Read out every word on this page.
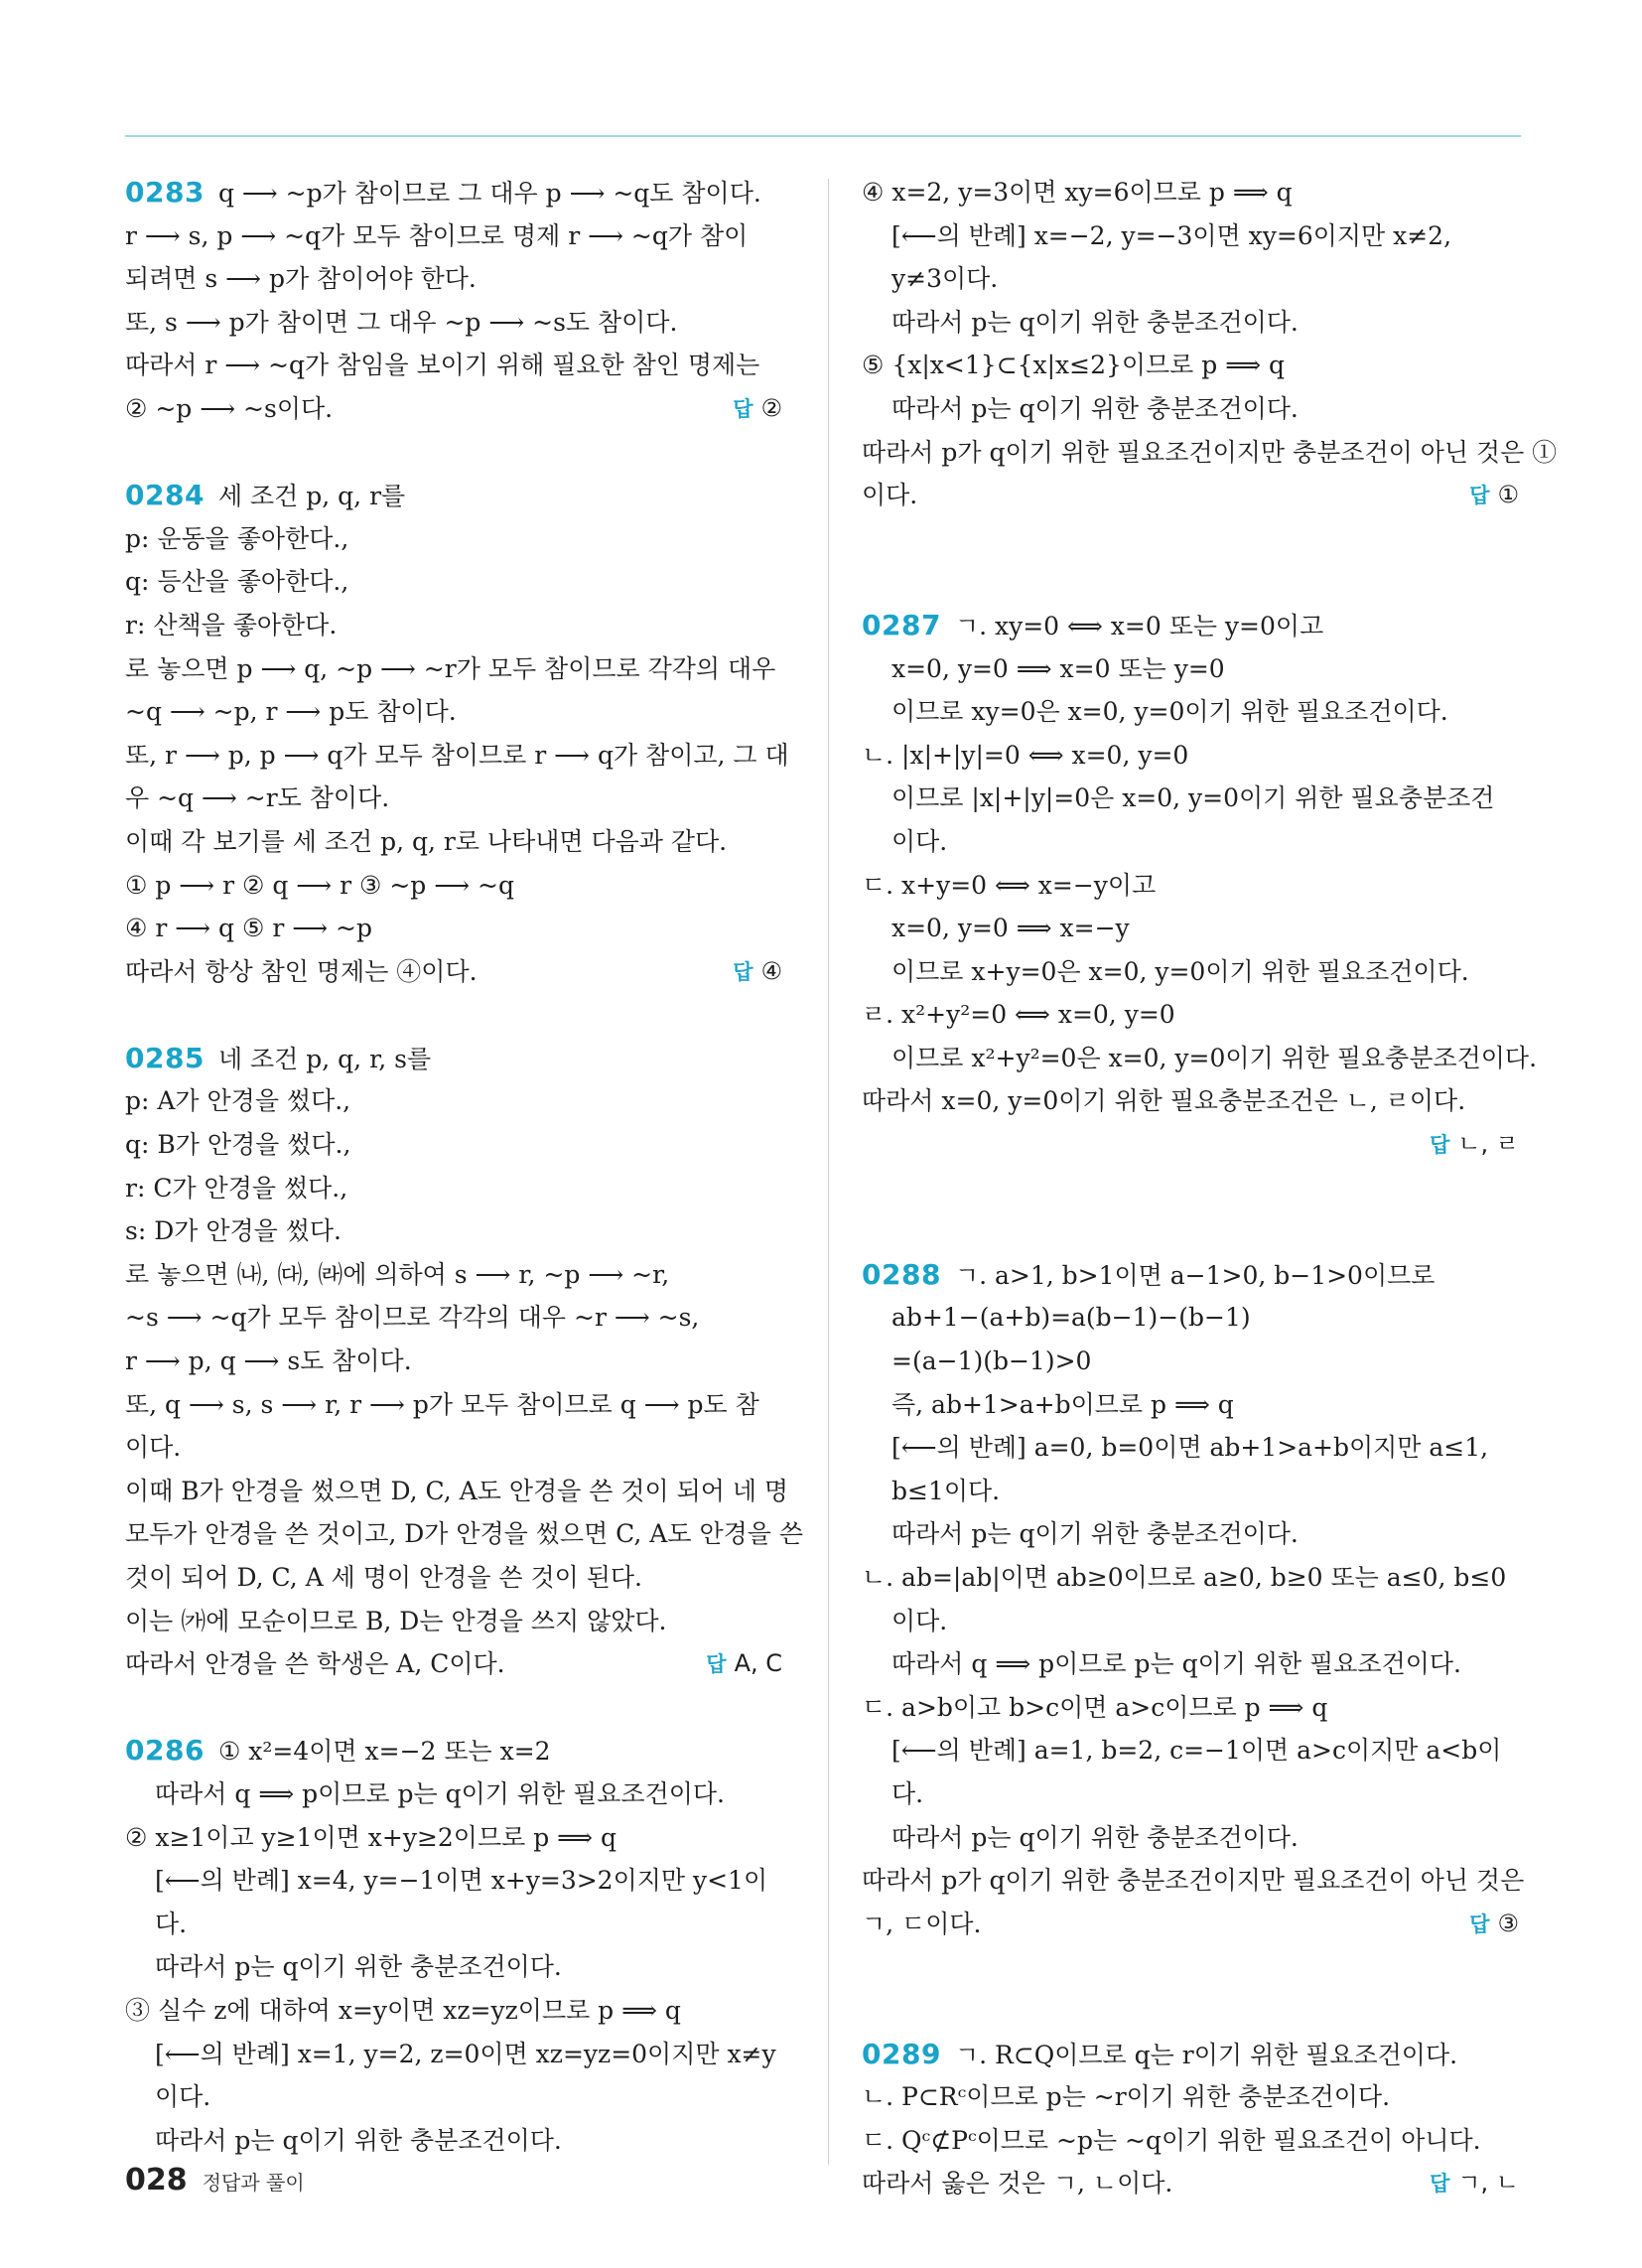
0283 q ⟶ ~p가 참이므로 그 대우 p ⟶ ~q도 참이다.
r ⟶ s, p ⟶ ~q가 모두 참이므로 명제 r ⟶ ~q가 참이
되려면 s ⟶ p가 참이어야 한다.
또, s ⟶ p가 참이면 그 대우 ~p ⟶ ~s도 참이다.
따라서 r ⟶ ~q가 참임을 보이기 위해 필요한 참인 명제는
② ~p ⟶ ~s이다.	답 ②
0284 세 조건 p, q, r를
p: 운동을 좋아한다.,
q: 등산을 좋아한다.,
r: 산책을 좋아한다.
로 놓으면 p ⟶ q, ~p ⟶ ~r가 모두 참이므로 각각의 대우
~q ⟶ ~p, r ⟶ p도 참이다.
또, r ⟶ p, p ⟶ q가 모두 참이므로 r ⟶ q가 참이고, 그 대
우 ~q ⟶ ~r도 참이다.
이때 각 보기를 세 조건 p, q, r로 나타내면 다음과 같다.
① p ⟶ r ② q ⟶ r ③ ~p ⟶ ~q
④ r ⟶ q ⑤ r ⟶ ~p
따라서 항상 참인 명제는 ④이다.	답 ④
0285 네 조건 p, q, r, s를
p: A가 안경을 썼다.,
q: B가 안경을 썼다.,
r: C가 안경을 썼다.,
s: D가 안경을 썼다.
로 놓으면 ㈏, ㈐, ㈑에 의하여 s ⟶ r, ~p ⟶ ~r,
~s ⟶ ~q가 모두 참이므로 각각의 대우 ~r ⟶ ~s,
r ⟶ p, q ⟶ s도 참이다.
또, q ⟶ s, s ⟶ r, r ⟶ p가 모두 참이므로 q ⟶ p도 참
이다.
이때 B가 안경을 썼으면 D, C, A도 안경을 쓴 것이 되어 네 명
모두가 안경을 쓴 것이고, D가 안경을 썼으면 C, A도 안경을 쓴
것이 되어 D, C, A 세 명이 안경을 쓴 것이 된다.
이는 ㈎에 모순이므로 B, D는 안경을 쓰지 않았다.
따라서 안경을 쓴 학생은 A, C이다.	답 A, C
0286 ① x²=4이면 x=−2 또는 x=2
따라서 q ⟹ p이므로 p는 q이기 위한 필요조건이다.
② x≥1이고 y≥1이면 x+y≥2이므로 p ⟹ q
[⟵의 반례] x=4, y=−1이면 x+y=3>2이지만 y<1이
다.
따라서 p는 q이기 위한 충분조건이다.
③ 실수 z에 대하여 x=y이면 xz=yz이므로 p ⟹ q
[⟵의 반례] x=1, y=2, z=0이면 xz=yz=0이지만 x≠y
이다.
따라서 p는 q이기 위한 충분조건이다.
④ x=2, y=3이면 xy=6이므로 p ⟹ q
[⟵의 반례] x=−2, y=−3이면 xy=6이지만 x≠2,
y≠3이다.
따라서 p는 q이기 위한 충분조건이다.
⑤ {x|x<1}⊂{x|x≤2}이므로 p ⟹ q
따라서 p는 q이기 위한 충분조건이다.
따라서 p가 q이기 위한 필요조건이지만 충분조건이 아닌 것은 ①
이다.	답 ①
0287 ㄱ. xy=0 ⟺ x=0 또는 y=0이고
x=0, y=0 ⟹ x=0 또는 y=0
이므로 xy=0은 x=0, y=0이기 위한 필요조건이다.
ㄴ. |x|+|y|=0 ⟺ x=0, y=0
이므로 |x|+|y|=0은 x=0, y=0이기 위한 필요충분조건
이다.
ㄷ. x+y=0 ⟺ x=−y이고
x=0, y=0 ⟹ x=−y
이므로 x+y=0은 x=0, y=0이기 위한 필요조건이다.
ㄹ. x²+y²=0 ⟺ x=0, y=0
이므로 x²+y²=0은 x=0, y=0이기 위한 필요충분조건이다.
따라서 x=0, y=0이기 위한 필요충분조건은 ㄴ, ㄹ이다.
답 ㄴ, ㄹ
0288 ㄱ. a>1, b>1이면 a−1>0, b−1>0이므로
ab+1−(a+b)=a(b−1)−(b−1)
=(a−1)(b−1)>0
즉, ab+1>a+b이므로 p ⟹ q
[⟵의 반례] a=0, b=0이면 ab+1>a+b이지만 a≤1,
b≤1이다.
따라서 p는 q이기 위한 충분조건이다.
ㄴ. ab=|ab|이면 ab≥0이므로 a≥0, b≥0 또는 a≤0, b≤0
이다.
따라서 q ⟹ p이므로 p는 q이기 위한 필요조건이다.
ㄷ. a>b이고 b>c이면 a>c이므로 p ⟹ q
[⟵의 반례] a=1, b=2, c=−1이면 a>c이지만 a<b이
다.
따라서 p는 q이기 위한 충분조건이다.
따라서 p가 q이기 위한 충분조건이지만 필요조건이 아닌 것은
ㄱ, ㄷ이다.	답 ③
0289 ㄱ. R⊂Q이므로 q는 r이기 위한 필요조건이다.
ㄴ. P⊂Rᶜ이므로 p는 ~r이기 위한 충분조건이다.
ㄷ. Qᶜ⊄Pᶜ이므로 ~p는 ~q이기 위한 필요조건이 아니다.
따라서 옳은 것은 ㄱ, ㄴ이다.	답 ㄱ, ㄴ
028 정답과 풀이
